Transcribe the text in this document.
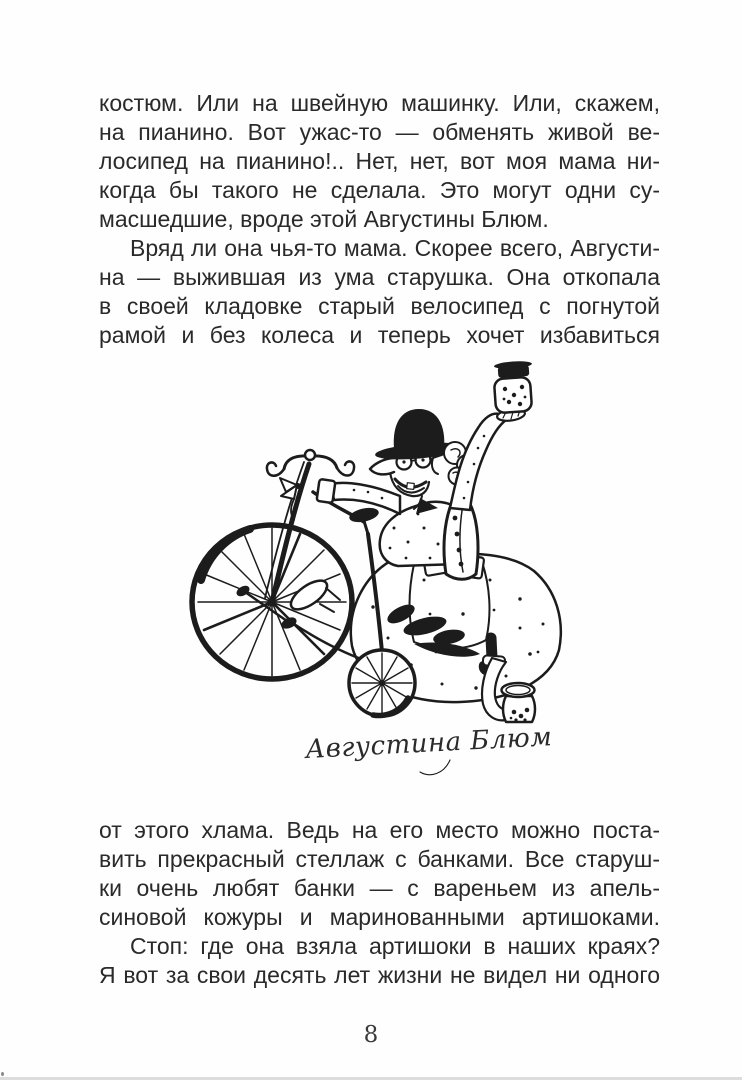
костюм. Или на швейную машинку. Или, скажем,
на пианино. Вот ужас-то — обменять живой ве-
лосипед на пианино!.. Нет, нет, вот моя мама ни-
когда бы такого не сделала. Это могут одни су-
масшедшие, вроде этой Августины Блюм.

Вряд ли она чья-то мама. Скорее всего, Августи-
на — выжившая из ума старушка. Она откопала
в своей кладовке старый велосипед с погнутой
рамой и без колеса и теперь хочет избавиться

Августина Блюм

от этого хлама. Ведь на его место можно поста-
вить прекрасный стеллаж с банками. Все старуш-
ки очень любят банки — с вареньем из апель-
синовой кожуры и маринованными артишоками.

Стоп: где она взяла артишоки в наших краях?
Я вот за свои десять лет жизни не видел ни одного

8
